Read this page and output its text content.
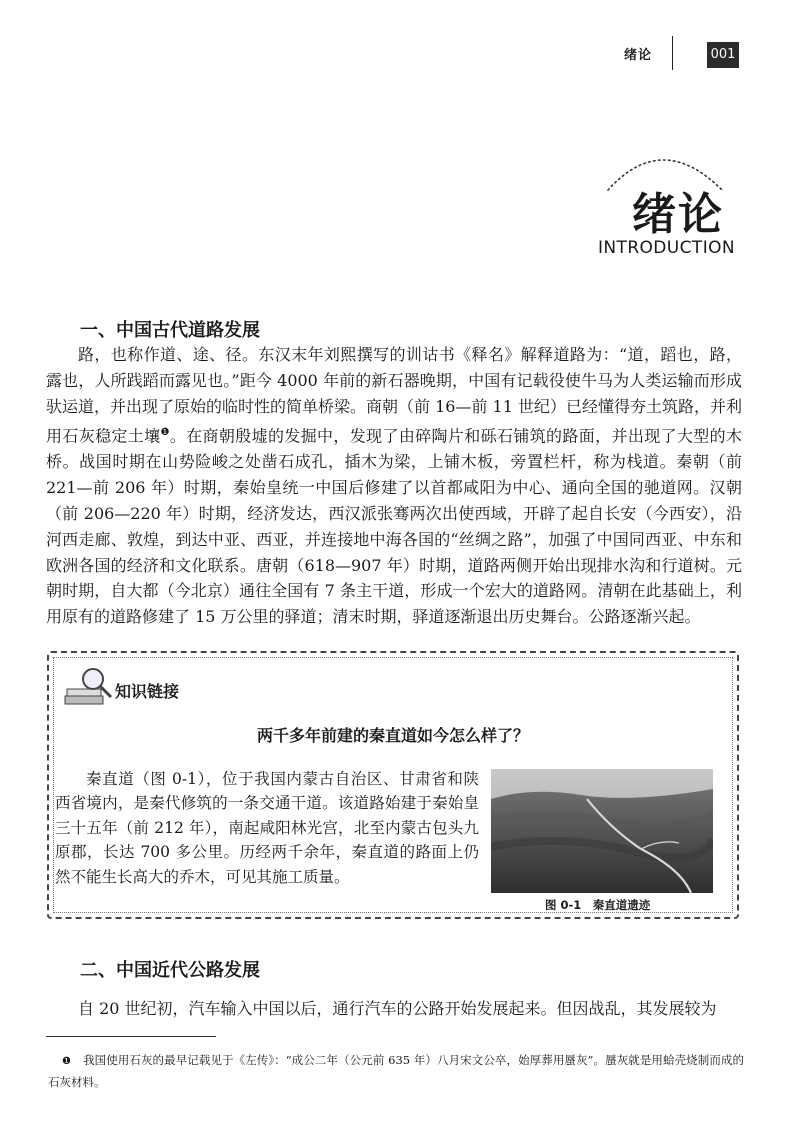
绪论	001
绪论
INTRODUCTION
一、中国古代道路发展
路，也称作道、途、径。东汉末年刘熙撰写的训诂书《释名》解释道路为：“道，蹈也，路，露也，人所践蹈而露见也。”距今 4000 年前的新石器晚期，中国有记载役使牛马为人类运输而形成驮运道，并出现了原始的临时性的简单桥梁。商朝（前 16—前 11 世纪）已经懂得夯土筑路，并利用石灰稳定土壤$^❶$。在商朝殷墟的发掘中，发现了由碎陶片和砾石铺筑的路面，并出现了大型的木桥。战国时期在山势险峻之处凿石成孔，插木为梁，上铺木板，旁置栏杆，称为栈道。秦朝（前 221—前 206 年）时期，秦始皇统一中国后修建了以首都咸阳为中心、通向全国的驰道网。汉朝（前 206—220 年）时期，经济发达，西汉派张骞两次出使西域，开辟了起自长安（今西安），沿河西走廊、敦煌，到达中亚、西亚，并连接地中海各国的“丝绸之路”，加强了中国同西亚、中东和欧洲各国的经济和文化联系。唐朝（618—907 年）时期，道路两侧开始出现排水沟和行道树。元朝时期，自大都（今北京）通往全国有 7 条主干道，形成一个宏大的道路网。清朝在此基础上，利用原有的道路修建了 15 万公里的驿道；清末时期，驿道逐渐退出历史舞台。公路逐渐兴起。
知识链接
两千多年前建的秦直道如今怎么样了？
秦直道（图 0-1），位于我国内蒙古自治区、甘肃省和陕西省境内，是秦代修筑的一条交通干道。该道路始建于秦始皇三十五年（前 212 年），南起咸阳林光宫，北至内蒙古包头九原郡，长达 700 多公里。历经两千余年，秦直道的路面上仍然不能生长高大的乔木，可见其施工质量。
图 0-1　秦直道遗迹
二、中国近代公路发展
自 20 世纪初，汽车输入中国以后，通行汽车的公路开始发展起来。但因战乱，其发展较为
❶ 我国使用石灰的最早记载见于《左传》：“成公二年（公元前 635 年）八月宋文公卒，始厚葬用蜃灰”。蜃灰就是用蛤壳烧制而成的石灰材料。
